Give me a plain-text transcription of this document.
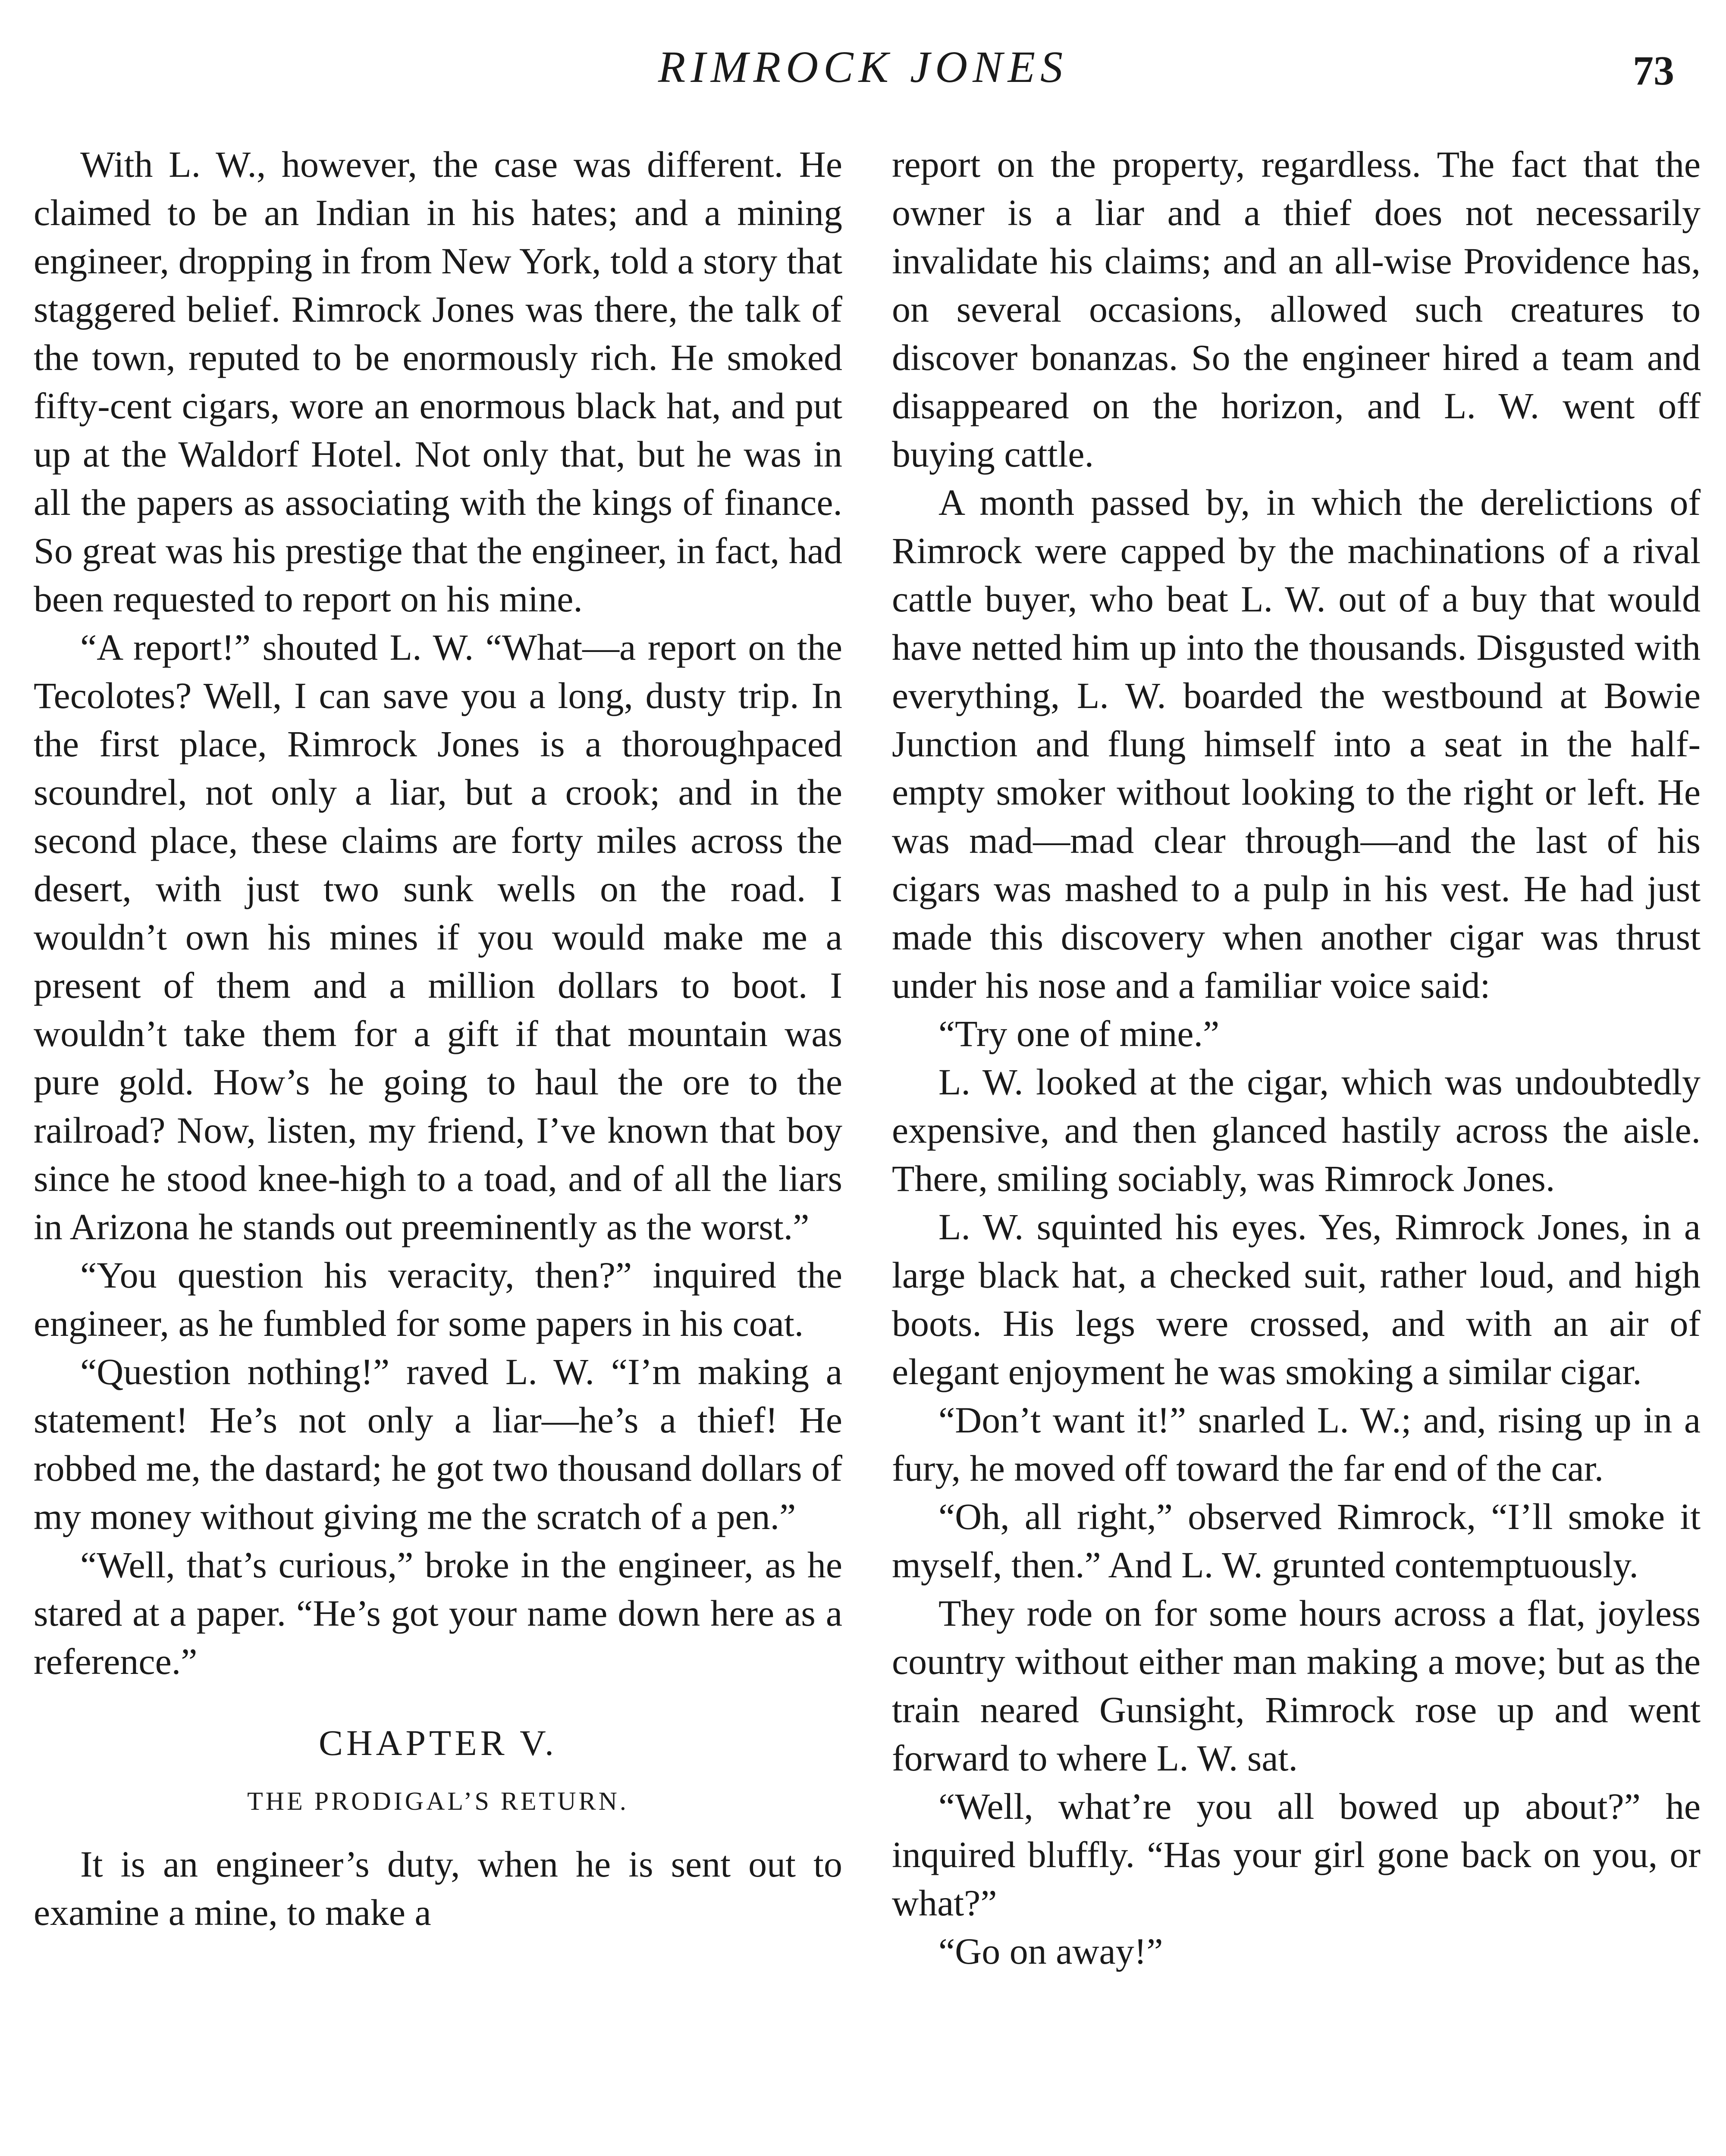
RIMROCK JONES	73

With L. W., however, the case was different. He claimed to be an Indian in his hates; and a mining engineer, dropping in from New York, told a story that staggered belief. Rimrock Jones was there, the talk of the town, reputed to be enormously rich. He smoked fifty-cent cigars, wore an enormous black hat, and put up at the Waldorf Hotel. Not only that, but he was in all the papers as associating with the kings of finance. So great was his prestige that the engineer, in fact, had been requested to report on his mine.

“A report!” shouted L. W. “What—a report on the Tecolotes? Well, I can save you a long, dusty trip. In the first place, Rimrock Jones is a thoroughpaced scoundrel, not only a liar, but a crook; and in the second place, these claims are forty miles across the desert, with just two sunk wells on the road. I wouldn’t own his mines if you would make me a present of them and a million dollars to boot. I wouldn’t take them for a gift if that mountain was pure gold. How’s he going to haul the ore to the railroad? Now, listen, my friend, I’ve known that boy since he stood knee-high to a toad, and of all the liars in Arizona he stands out preeminently as the worst.”

“You question his veracity, then?” inquired the engineer, as he fumbled for some papers in his coat.

“Question nothing!” raved L. W. “I’m making a statement! He’s not only a liar—he’s a thief! He robbed me, the dastard; he got two thousand dollars of my money without giving me the scratch of a pen.”

“Well, that’s curious,” broke in the engineer, as he stared at a paper. “He’s got your name down here as a reference.”

CHAPTER V.
THE PRODIGAL’S RETURN.

It is an engineer’s duty, when he is sent out to examine a mine, to make a

report on the property, regardless. The fact that the owner is a liar and a thief does not necessarily invalidate his claims; and an all-wise Providence has, on several occasions, allowed such creatures to discover bonanzas. So the engineer hired a team and disappeared on the horizon, and L. W. went off buying cattle.

A month passed by, in which the derelictions of Rimrock were capped by the machinations of a rival cattle buyer, who beat L. W. out of a buy that would have netted him up into the thousands. Disgusted with everything, L. W. boarded the westbound at Bowie Junction and flung himself into a seat in the half-empty smoker without looking to the right or left. He was mad—mad clear through—and the last of his cigars was mashed to a pulp in his vest. He had just made this discovery when another cigar was thrust under his nose and a familiar voice said:

“Try one of mine.”

L. W. looked at the cigar, which was undoubtedly expensive, and then glanced hastily across the aisle. There, smiling sociably, was Rimrock Jones.

L. W. squinted his eyes. Yes, Rimrock Jones, in a large black hat, a checked suit, rather loud, and high boots. His legs were crossed, and with an air of elegant enjoyment he was smoking a similar cigar.

“Don’t want it!” snarled L. W.; and, rising up in a fury, he moved off toward the far end of the car.

“Oh, all right,” observed Rimrock, “I’ll smoke it myself, then.” And L. W. grunted contemptuously.

They rode on for some hours across a flat, joyless country without either man making a move; but as the train neared Gunsight, Rimrock rose up and went forward to where L. W. sat.

“Well, what’re you all bowed up about?” he inquired bluffly. “Has your girl gone back on you, or what?”

“Go on away!”
